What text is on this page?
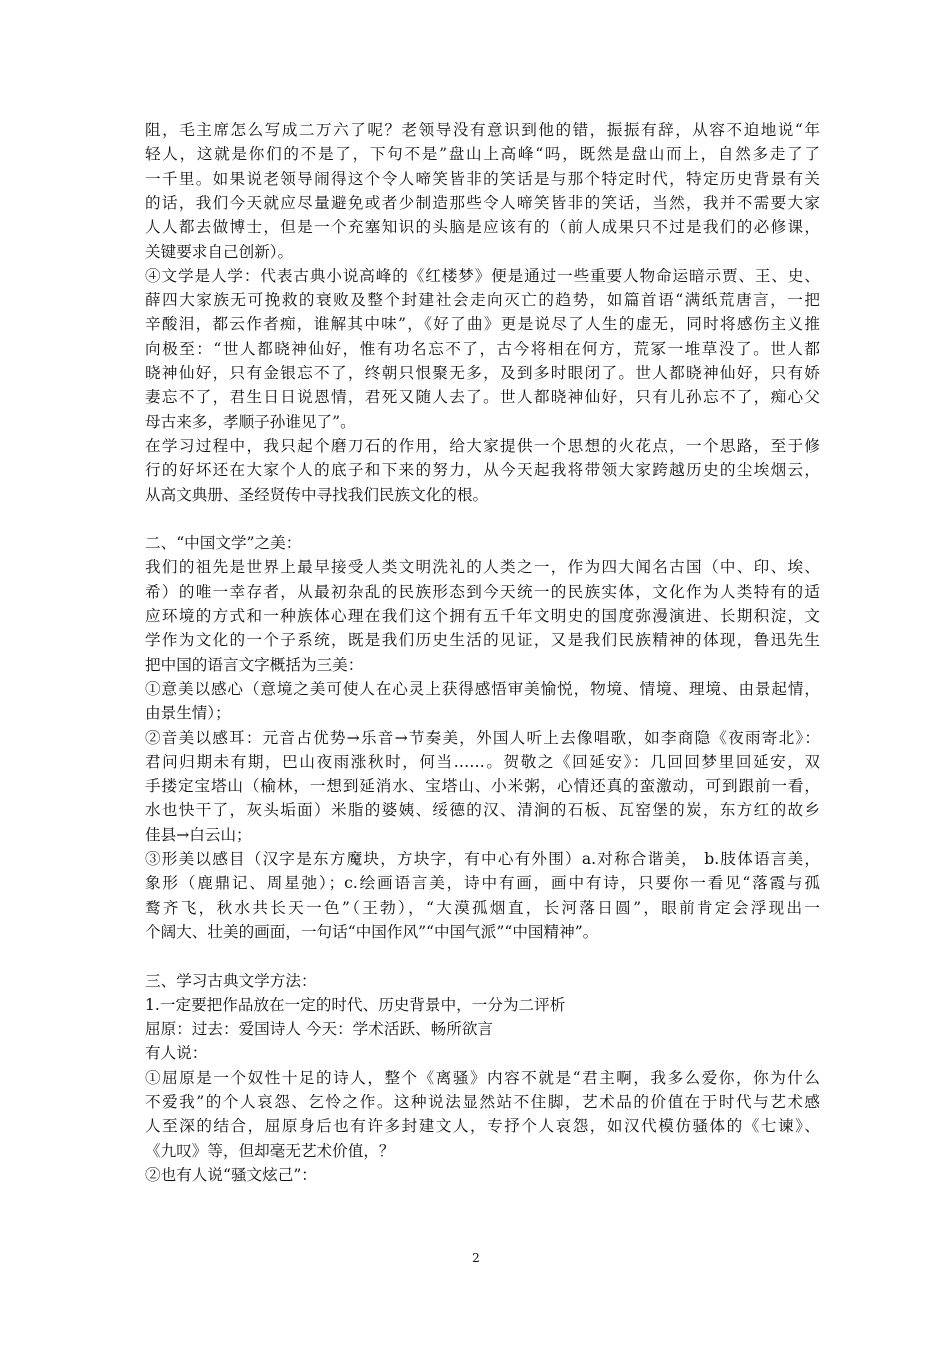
阻，毛主席怎么写成二万六了呢？老领导没有意识到他的错，振振有辞，从容不迫地说“年
轻人，这就是你们的不是了，下句不是”盘山上高峰“吗，既然是盘山而上，自然多走了了
一千里。如果说老领导闹得这个令人啼笑皆非的笑话是与那个特定时代，特定历史背景有关
的话，我们今天就应尽量避免或者少制造那些令人啼笑皆非的笑话，当然，我并不需要大家
人人都去做博士，但是一个充塞知识的头脑是应该有的（前人成果只不过是我们的必修课，
关键要求自己创新）。
④文学是人学：代表古典小说高峰的《红楼梦》便是通过一些重要人物命运暗示贾、王、史、
薛四大家族无可挽救的衰败及整个封建社会走向灭亡的趋势，如篇首语“满纸荒唐言，一把
辛酸泪，都云作者痴，谁解其中味”，《好了曲》更是说尽了人生的虚无，同时将感伤主义推
向极至：“世人都晓神仙好，惟有功名忘不了，古今将相在何方，荒冢一堆草没了。世人都
晓神仙好，只有金银忘不了，终朝只恨聚无多，及到多时眼闭了。世人都晓神仙好，只有娇
妻忘不了，君生日日说恩情，君死又随人去了。世人都晓神仙好，只有儿孙忘不了，痴心父
母古来多，孝顺子孙谁见了”。
在学习过程中，我只起个磨刀石的作用，给大家提供一个思想的火花点，一个思路，至于修
行的好坏还在大家个人的底子和下来的努力，从今天起我将带领大家跨越历史的尘埃烟云，
从高文典册、圣经贤传中寻找我们民族文化的根。
二、“中国文学”之美：
我们的祖先是世界上最早接受人类文明洗礼的人类之一，作为四大闻名古国（中、印、埃、
希）的唯一幸存者，从最初杂乱的民族形态到今天统一的民族实体，文化作为人类特有的适
应环境的方式和一种族体心理在我们这个拥有五千年文明史的国度弥漫演进、长期积淀，文
学作为文化的一个子系统，既是我们历史生活的见证，又是我们民族精神的体现，鲁迅先生
把中国的语言文字概括为三美：
①意美以感心（意境之美可使人在心灵上获得感悟审美愉悦，物境、情境、理境、由景起情，
由景生情）；
②音美以感耳：元音占优势→乐音→节奏美，外国人听上去像唱歌，如李商隐《夜雨寄北》：
君问归期未有期，巴山夜雨涨秋时，何当……。贺敬之《回延安》：几回回梦里回延安，双
手搂定宝塔山（榆林，一想到延消水、宝塔山、小米粥，心情还真的蛮激动，可到跟前一看，
水也快干了，灰头垢面）米脂的婆姨、绥德的汉、清涧的石板、瓦窑堡的炭，东方红的故乡
佳县→白云山；
③形美以感目（汉字是东方魔块，方块字，有中心有外围）a.对称合谐美， b.肢体语言美，
象形（鹿鼎记、周星弛）；c.绘画语言美，诗中有画，画中有诗，只要你一看见“落霞与孤
鹜齐飞，秋水共长天一色”（王勃），“大漠孤烟直，长河落日圆”，眼前肯定会浮现出一
个阔大、壮美的画面，一句话“中国作风”“中国气派”“中国精神”。
三、学习古典文学方法：
1.一定要把作品放在一定的时代、历史背景中，一分为二评析
屈原：过去：爱国诗人 今天：学术活跃、畅所欲言
有人说：
①屈原是一个奴性十足的诗人，整个《离骚》内容不就是“君主啊，我多么爱你，你为什么
不爱我”的个人哀怨、乞怜之作。这种说法显然站不住脚，艺术品的价值在于时代与艺术感
人至深的结合，屈原身后也有许多封建文人，专抒个人哀怨，如汉代模仿骚体的《七谏》、
《九叹》等，但却毫无艺术价值，？
②也有人说“骚文炫己”：
2
